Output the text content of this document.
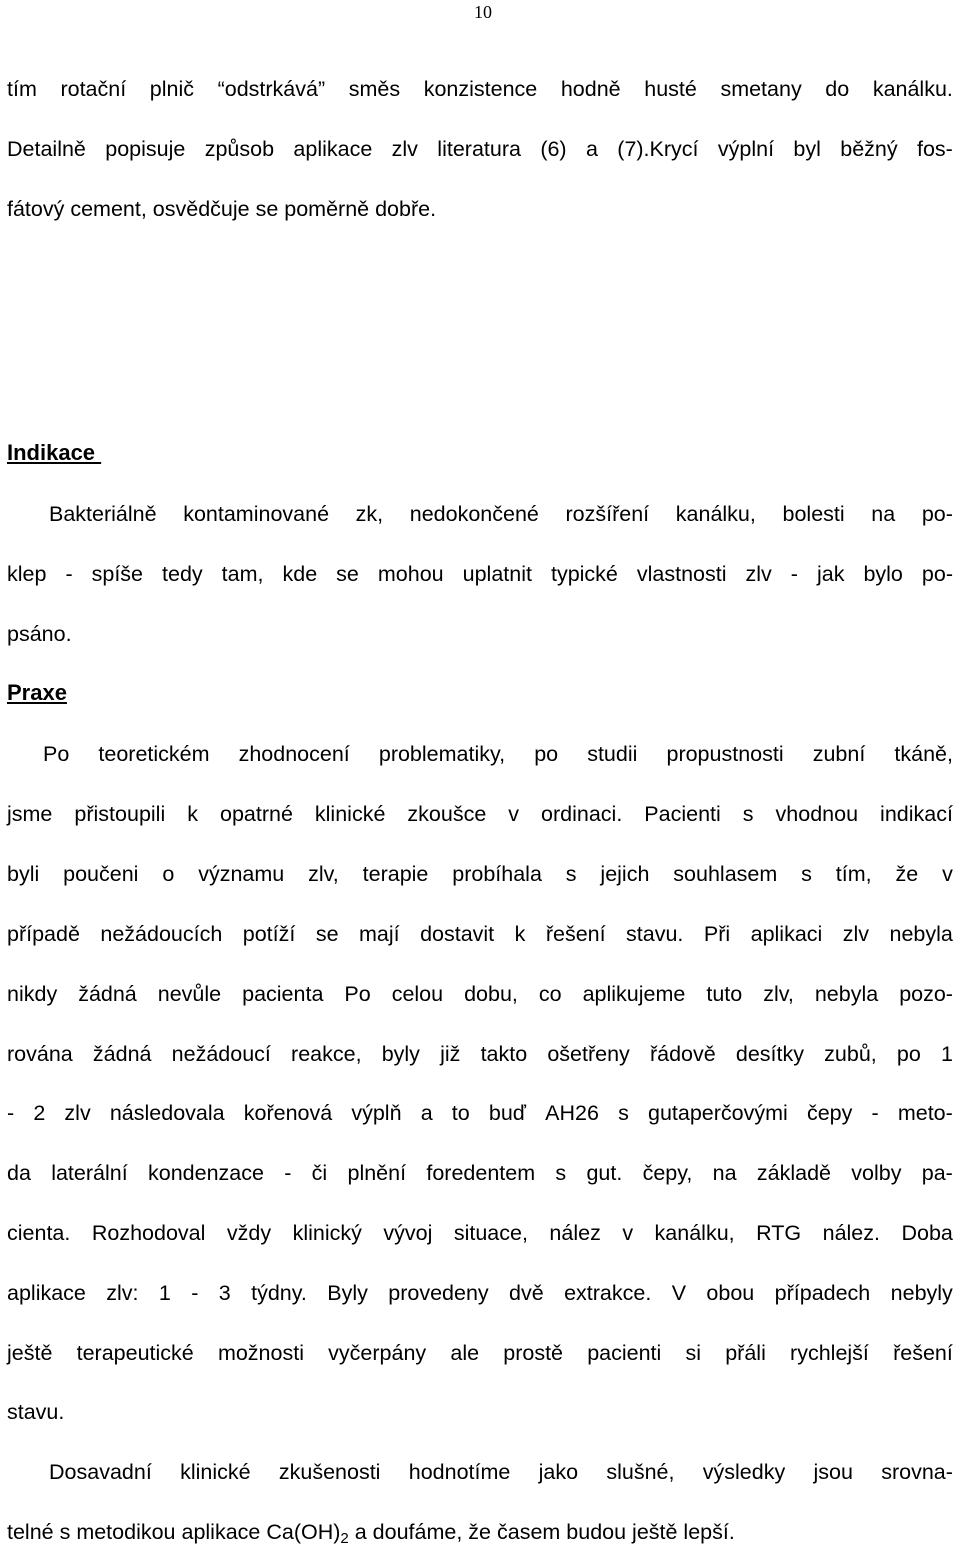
10
tím rotační plnič “odstrkává” směs konzistence hodně husté smetany do kanálku.
Detailně popisuje způsob aplikace zlv literatura (6) a (7).Krycí výplní byl běžný fos-
fátový cement, osvědčuje se poměrně dobře.
Indikace
Bakteriálně kontaminované zk, nedokončené rozšíření kanálku, bolesti na po-
klep - spíše tedy tam, kde se mohou uplatnit typické vlastnosti zlv - jak bylo po-
psáno.
Praxe
Po teoretickém zhodnocení problematiky, po studii propustnosti zubní tkáně,
jsme přistoupili k opatrné klinické zkoušce v ordinaci. Pacienti s vhodnou indikací
byli poučeni o významu zlv, terapie probíhala s jejich souhlasem s tím, že v
případě nežádoucích potíží se mají dostavit k řešení stavu. Při aplikaci zlv nebyla
nikdy žádná nevůle pacienta Po celou dobu, co aplikujeme tuto zlv, nebyla pozo-
rována žádná nežádoucí reakce, byly již takto ošetřeny řádově desítky zubů, po 1
- 2 zlv následovala kořenová výplň a to buď AH26 s gutaperčovými čepy - meto-
da laterální kondenzace - či plnění foredentem s gut. čepy, na základě volby pa-
cienta. Rozhodoval vždy klinický vývoj situace, nález v kanálku, RTG nález. Doba
aplikace zlv: 1 - 3 týdny. Byly provedeny dvě extrakce. V obou případech nebyly
ještě terapeutické možnosti vyčerpány ale prostě pacienti si přáli rychlejší řešení
stavu.
Dosavadní klinické zkušenosti hodnotíme jako slušné, výsledky jsou srovna-
telné s metodikou aplikace $Ca(OH)_2$ a doufáme, že časem budou ještě lepší.
